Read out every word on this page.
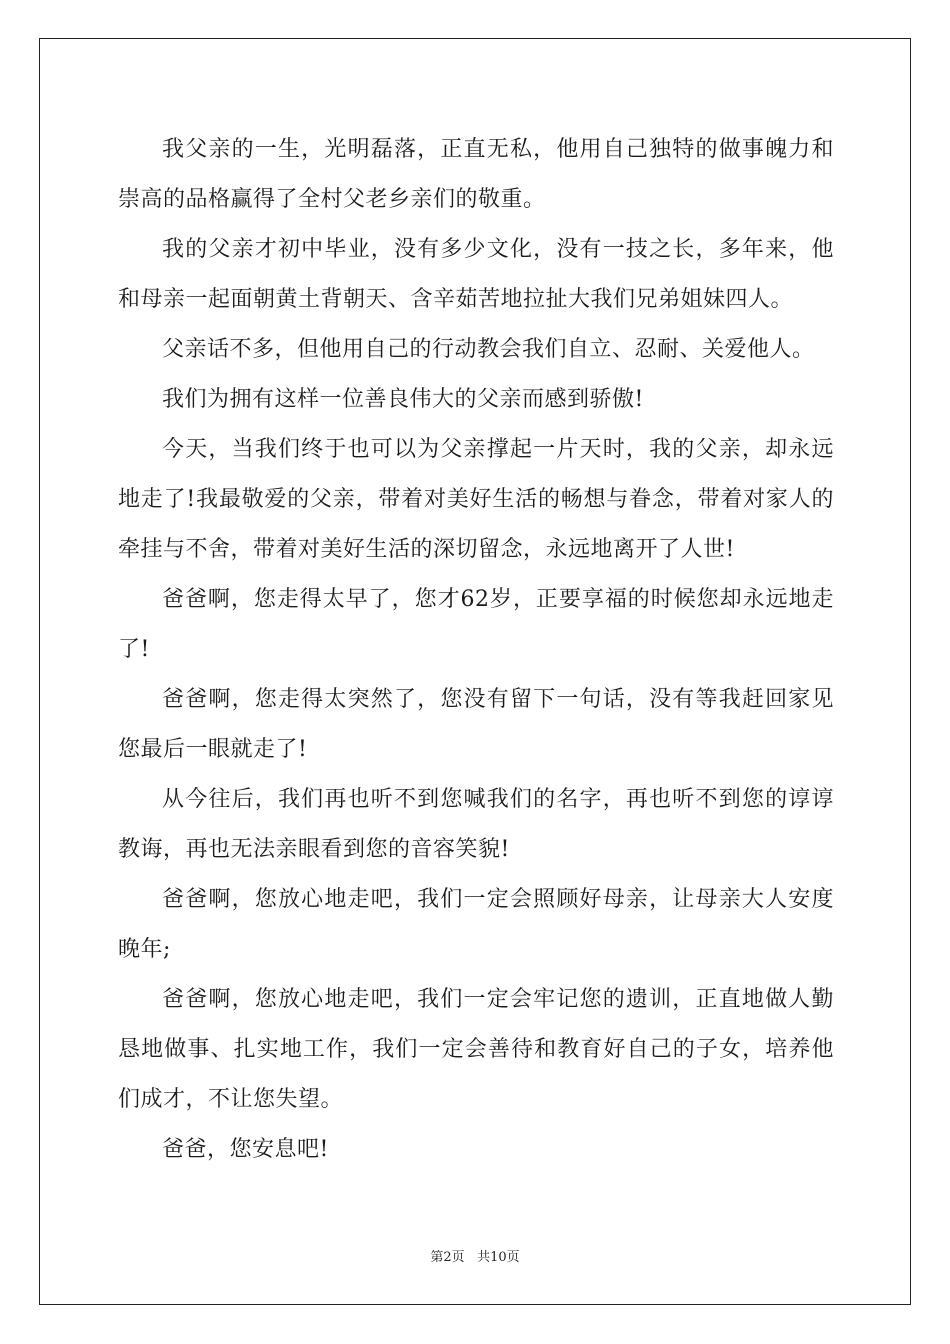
我父亲的一生，光明磊落，正直无私，他用自己独特的做事魄力和崇高的品格赢得了全村父老乡亲们的敬重。

我的父亲才初中毕业，没有多少文化，没有一技之长，多年来，他和母亲一起面朝黄土背朝天、含辛茹苦地拉扯大我们兄弟姐妹四人。

父亲话不多，但他用自己的行动教会我们自立、忍耐、关爱他人。

我们为拥有这样一位善良伟大的父亲而感到骄傲!

今天，当我们终于也可以为父亲撑起一片天时，我的父亲，却永远地走了!我最敬爱的父亲，带着对美好生活的畅想与眷念，带着对家人的牵挂与不舍，带着对美好生活的深切留念，永远地离开了人世!

爸爸啊，您走得太早了，您才62岁，正要享福的时候您却永远地走了!

爸爸啊，您走得太突然了，您没有留下一句话，没有等我赶回家见您最后一眼就走了!

从今往后，我们再也听不到您喊我们的名字，再也听不到您的谆谆教诲，再也无法亲眼看到您的音容笑貌!

爸爸啊，您放心地走吧，我们一定会照顾好母亲，让母亲大人安度晚年;

爸爸啊，您放心地走吧，我们一定会牢记您的遗训，正直地做人勤恳地做事、扎实地工作，我们一定会善待和教育好自己的子女，培养他们成才，不让您失望。

爸爸，您安息吧!

第2页 共10页
